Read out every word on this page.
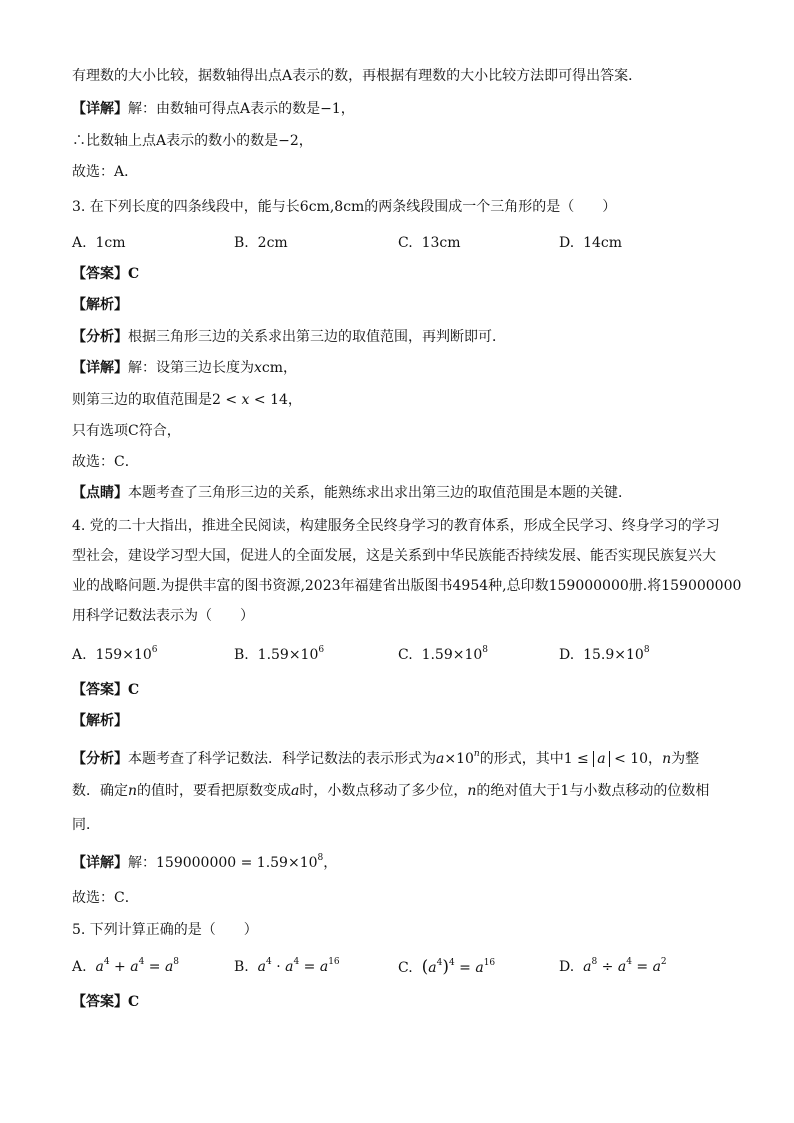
有理数的大小比较，据数轴得出点A表示的数，再根据有理数的大小比较方法即可得出答案．
【详解】解：由数轴可得点A表示的数是−1，
∴比数轴上点A表示的数小的数是−2，
故选：A．
3. 在下列长度的四条线段中，能与长6cm,8cm的两条线段围成一个三角形的是（　　）
A. 1cm	B. 2cm	C. 13cm	D. 14cm
【答案】C
【解析】
【分析】根据三角形三边的关系求出第三边的取值范围，再判断即可．
【详解】解：设第三边长度为xcm，
则第三边的取值范围是2 < x < 14，
只有选项C符合，
故选：C．
【点睛】本题考查了三角形三边的关系，能熟练求出求出第三边的取值范围是本题的关键．
4. 党的二十大指出，推进全民阅读，构建服务全民终身学习的教育体系，形成全民学习、终身学习的学习
型社会，建设学习型大国，促进人的全面发展，这是关系到中华民族能否持续发展、能否实现民族复兴大
业的战略问题.为提供丰富的图书资源,2023年福建省出版图书4954种,总印数159000000册.将159000000
用科学记数法表示为（　　）
A. $159\times 10^6$	B. $1.59\times 10^6$	C. $1.59\times 10^8$	D. $15.9\times 10^8$
【答案】C
【解析】
【分析】本题考查了科学记数法．科学记数法的表示形式为$a\times 10^n$的形式，其中1 ≤ a < 10，n为整
数．确定n的值时，要看把原数变成a时，小数点移动了多少位，n的绝对值大于1与小数点移动的位数相
同．
【详解】解：$159000000 = 1.59\times 10^8$，
故选：C．
5. 下列计算正确的是（　　）
A. $a^4 + a^4 = a^8$	B. $a^4 \cdot a^4 = a^{16}$	C. $(a^4)^4 = a^{16}$	D. $a^8 \div a^4 = a^2$
【答案】C
